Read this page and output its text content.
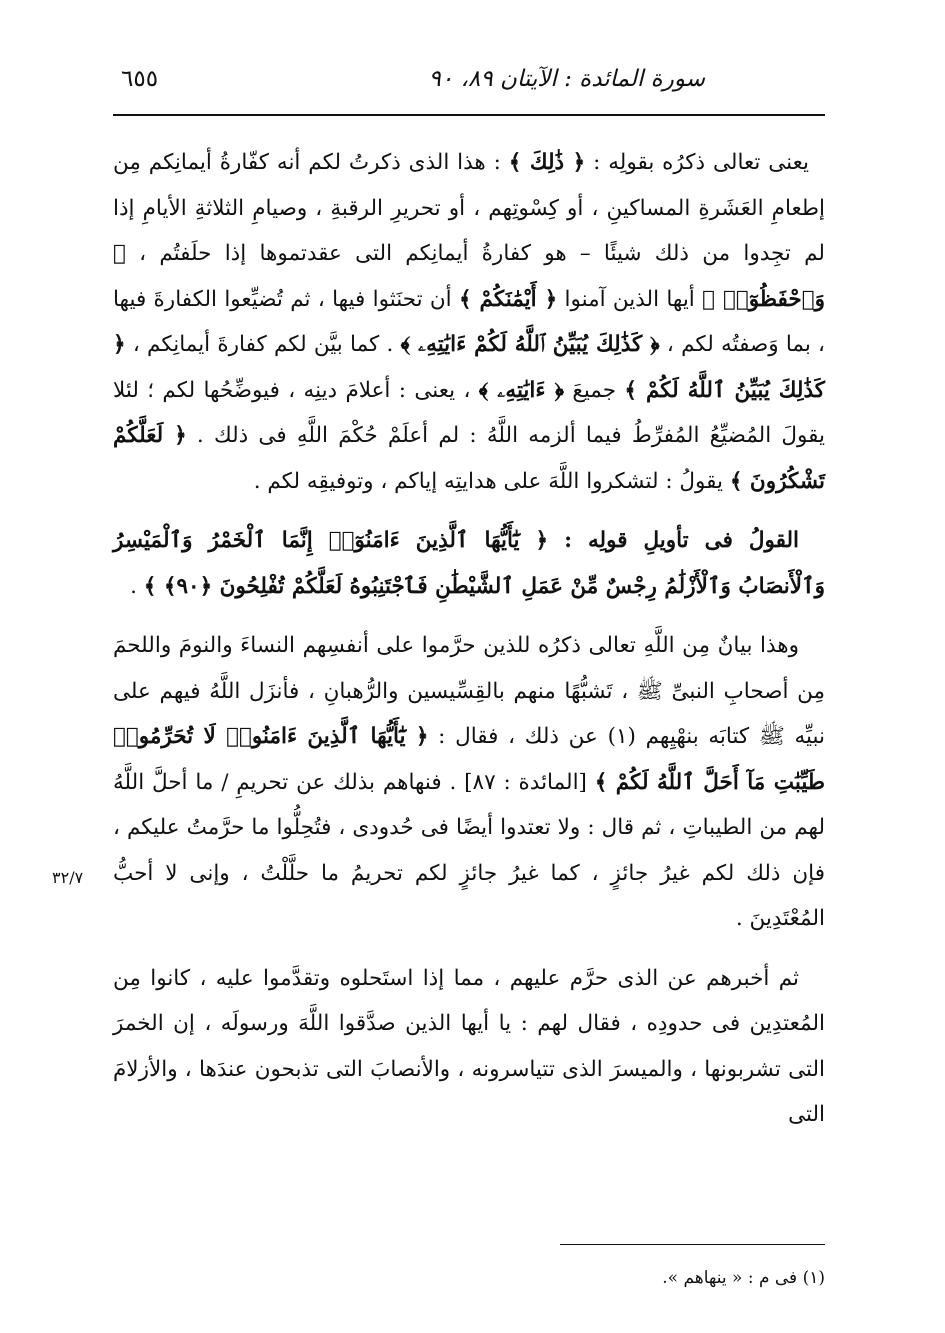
سورة المائدة : الآيتان ٨٩، ٩٠
٦٥٥
٣٢/٧

يعنى تعالى ذكرُه بقولِه : ﴿ ذَٰلِكَ ﴾ : هذا الذى ذكرتُ لكم أنه كفّارةُ أيمانِكم مِن إطعامِ العَشَرةِ المساكينِ ، أو كِسْوتِهم ، أو تحريرِ الرقبةِ ، وصيامِ الثلاثةِ الأيامِ إذا لم تجِدوا من ذلك شيئًا – هو كفارةُ أيمانِكم التى عقدتموها إذا حلَفتُم ، ﴿ وَٱحْفَظُوٓا۟ ﴾ أيها الذين آمنوا ﴿ أَيْمَٰنَكُمْ ﴾ أن تحنَثوا فيها ، ثم تُضيِّعوا الكفارةَ فيها ، بما وَصفتُه لكم ، ﴿ كَذَٰلِكَ يُبَيِّنُ ٱللَّهُ لَكُمْ ءَايَٰتِهِۦ ﴾ . كما بيَّن لكم كفارةَ أيمانِكم ، ﴿ كَذَٰلِكَ يُبَيِّنُ ٱللَّهُ لَكُمْ ﴾ جميعَ ﴿ ءَايَٰتِهِۦ ﴾ ، يعنى : أعلامَ دينِه ، فيوضِّحُها لكم ؛ لئلا يقولَ المُضيِّعُ المُفرِّطُ فيما ألزمه اللَّهُ : لم أعلَمْ حُكْمَ اللَّهِ فى ذلك . ﴿ لَعَلَّكُمْ تَشْكُرُونَ ﴾ يقولُ : لتشكروا اللَّهَ على هدايتِه إياكم ، وتوفيقِه لكم .

القولُ فى تأويلِ قولِه : ﴿ يَٰٓأَيُّهَا ٱلَّذِينَ ءَامَنُوٓا۟ إِنَّمَا ٱلْخَمْرُ وَٱلْمَيْسِرُ وَٱلْأَنصَابُ وَٱلْأَزْلَٰمُ رِجْسٌ مِّنْ عَمَلِ ٱلشَّيْطَٰنِ فَٱجْتَنِبُوهُ لَعَلَّكُمْ تُفْلِحُونَ ﴿٩٠﴾ ﴾ .

وهذا بيانٌ مِن اللَّهِ تعالى ذكرُه للذين حرَّموا على أنفسِهم النساءَ والنومَ واللحمَ مِن أصحابِ النبىِّ ﷺ ، تَشبُّهًا منهم بالقِسِّيسين والرُّهبانِ ، فأنزَل اللَّهُ فيهم على نبيِّه ﷺ كتابَه بنهْيِهم (١) عن ذلك ، فقال : ﴿ يَٰٓأَيُّهَا ٱلَّذِينَ ءَامَنُوا۟ لَا تُحَرِّمُوا۟ طَيِّبَٰتِ مَآ أَحَلَّ ٱللَّهُ لَكُمْ ﴾ [المائدة : ٨٧] . فنهاهم بذلك عن تحريمِ / ما أحلَّ اللَّهُ لهم من الطيباتِ ، ثم قال : ولا تعتدوا أيضًا فى حُدودى ، فتُحِلُّوا ما حرَّمتُ عليكم ، فإن ذلك لكم غيرُ جائزٍ ، كما غيرُ جائزٍ لكم تحريمُ ما حلَّلْتُ ، وإنى لا أحبُّ المُعْتَدِينَ .

ثم أخبرهم عن الذى حرَّم عليهم ، مما إذا استَحلوه وتقدَّموا عليه ، كانوا مِن المُعتدِين فى حدودِه ، فقال لهم : يا أيها الذين صدَّقوا اللَّهَ ورسولَه ، إن الخمرَ التى تشربونها ، والميسرَ الذى تتياسرونه ، والأنصابَ التى تذبحون عندَها ، والأزلامَ التى

(١) فى م : « ينهاهم ».
